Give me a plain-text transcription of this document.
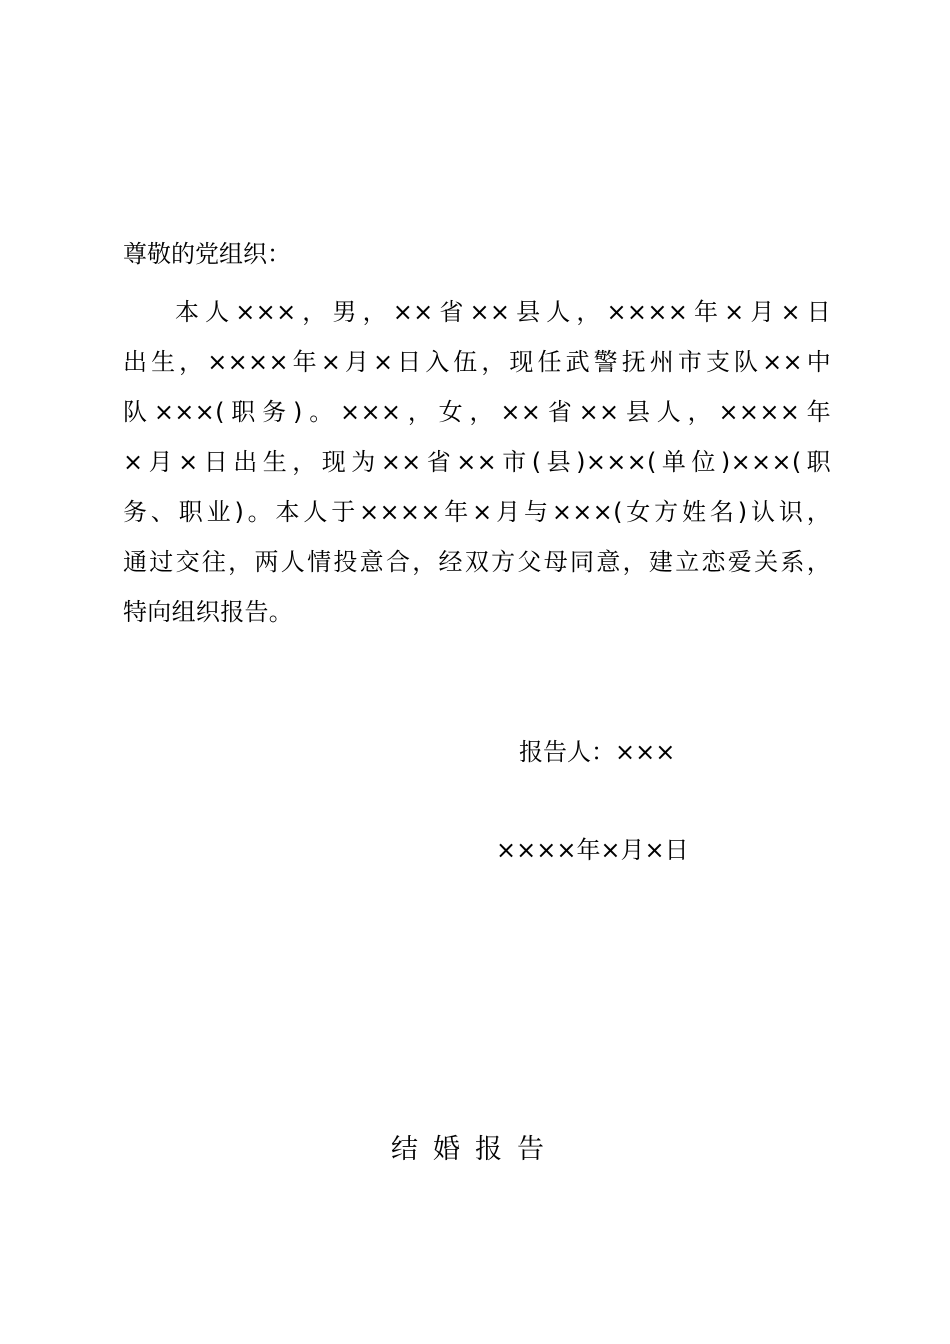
尊敬的党组织：
本人×××，男，××省××县人，××××年×月×日
出生，××××年×月×日入伍，现任武警抚州市支队××中
队×××(职务)。×××，女，××省××县人，××××年
×月×日出生，现为××省××市(县)×××(单位)×××(职
务、职业)。本人于××××年×月与×××(女方姓名)认识，
通过交往，两人情投意合，经双方父母同意，建立恋爱关系，
特向组织报告。
报告人：×××
××××年×月×日
结婚报告
